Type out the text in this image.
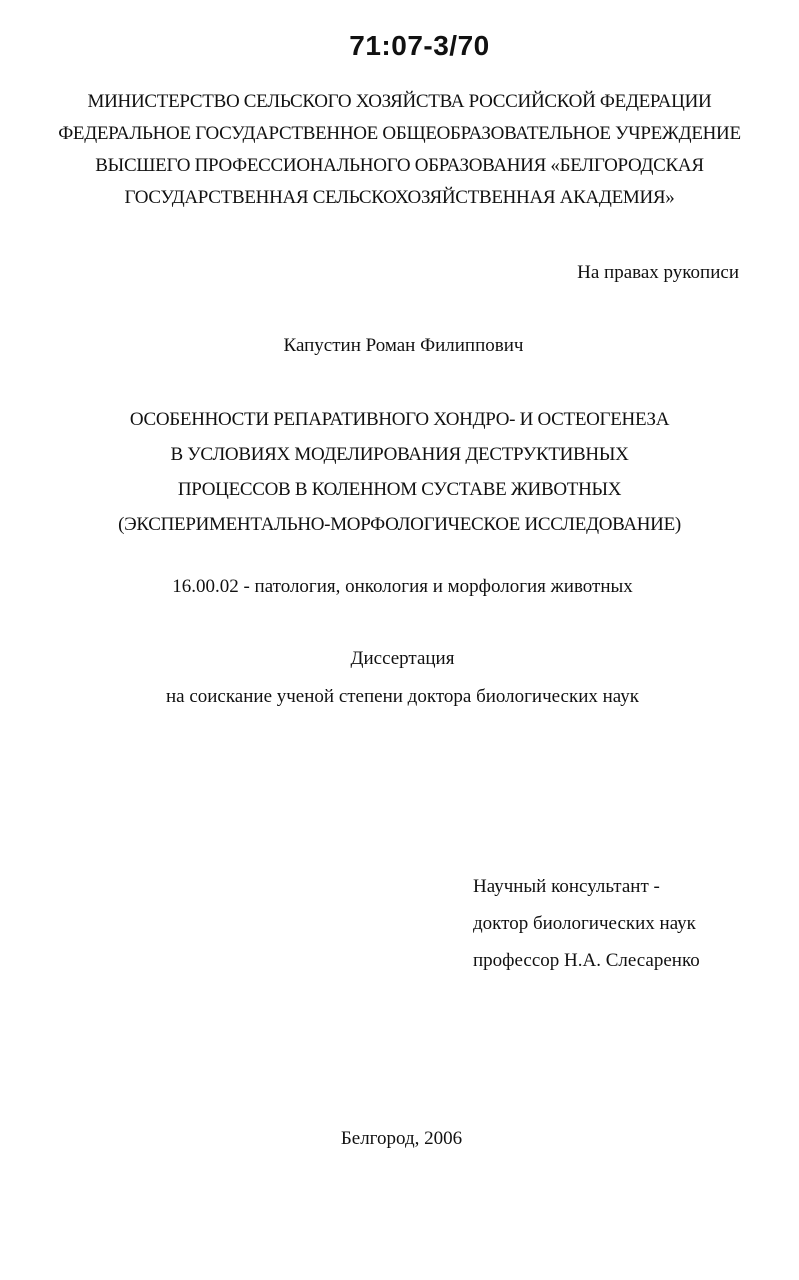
71:07-3/70
МИНИСТЕРСТВО СЕЛЬСКОГО ХОЗЯЙСТВА РОССИЙСКОЙ ФЕДЕРАЦИИ
ФЕДЕРАЛЬНОЕ ГОСУДАРСТВЕННОЕ ОБЩЕОБРАЗОВАТЕЛЬНОЕ УЧРЕЖДЕНИЕ
ВЫСШЕГО ПРОФЕССИОНАЛЬНОГО ОБРАЗОВАНИЯ «БЕЛГОРОДСКАЯ
ГОСУДАРСТВЕННАЯ СЕЛЬСКОХОЗЯЙСТВЕННАЯ АКАДЕМИЯ»
На правах рукописи
Капустин Роман Филиппович
ОСОБЕННОСТИ РЕПАРАТИВНОГО ХОНДРО- И ОСТЕОГЕНЕЗА
В УСЛОВИЯХ МОДЕЛИРОВАНИЯ ДЕСТРУКТИВНЫХ
ПРОЦЕССОВ В КОЛЕННОМ СУСТАВЕ ЖИВОТНЫХ
(ЭКСПЕРИМЕНТАЛЬНО-МОРФОЛОГИЧЕСКОЕ ИССЛЕДОВАНИЕ)
16.00.02 - патология, онкология и морфология животных
Диссертация
на соискание ученой степени доктора биологических наук
Научный консультант -
доктор биологических наук
профессор Н.А. Слесаренко
Белгород, 2006
